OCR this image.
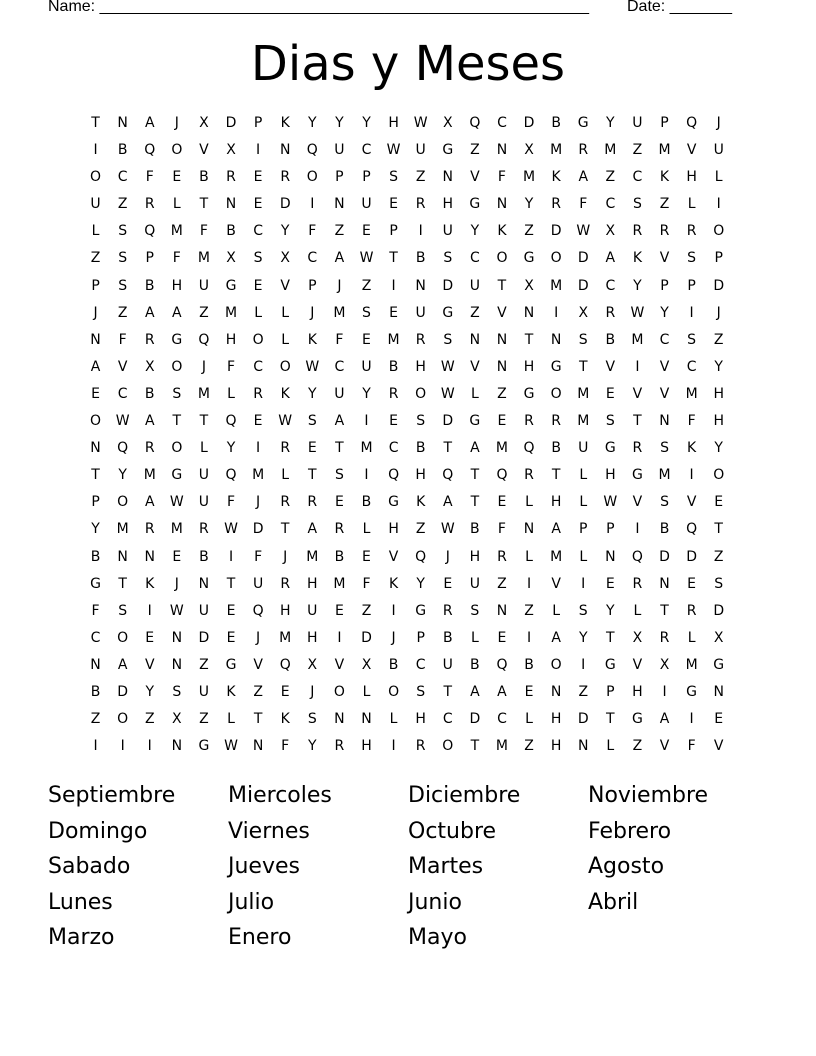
Name: _______________________________________________________ Date: _______
Dias y Meses
T	N	A	J	X	D	P	K	Y	Y	Y	H	W	X	Q	C	D	B	G	Y	U	P	Q	J
I	B	Q	O	V	X	I	N	Q	U	C	W	U	G	Z	N	X	M	R	M	Z	M	V	U
O	C	F	E	B	R	E	R	O	P	P	S	Z	N	V	F	M	K	A	Z	C	K	H	L
U	Z	R	L	T	N	E	D	I	N	U	E	R	H	G	N	Y	R	F	C	S	Z	L	I
L	S	Q	M	F	B	C	Y	F	Z	E	P	I	U	Y	K	Z	D	W	X	R	R	R	O
Z	S	P	F	M	X	S	X	C	A	W	T	B	S	C	O	G	O	D	A	K	V	S	P
P	S	B	H	U	G	E	V	P	J	Z	I	N	D	U	T	X	M	D	C	Y	P	P	D
J	Z	A	A	Z	M	L	L	J	M	S	E	U	G	Z	V	N	I	X	R	W	Y	I	J
N	F	R	G	Q	H	O	L	K	F	E	M	R	S	N	N	T	N	S	B	M	C	S	Z
A	V	X	O	J	F	C	O	W	C	U	B	H	W	V	N	H	G	T	V	I	V	C	Y
E	C	B	S	M	L	R	K	Y	U	Y	R	O	W	L	Z	G	O	M	E	V	V	M	H
O	W	A	T	T	Q	E	W	S	A	I	E	S	D	G	E	R	R	M	S	T	N	F	H
N	Q	R	O	L	Y	I	R	E	T	M	C	B	T	A	M	Q	B	U	G	R	S	K	Y
T	Y	M	G	U	Q	M	L	T	S	I	Q	H	Q	T	Q	R	T	L	H	G	M	I	O
P	O	A	W	U	F	J	R	R	E	B	G	K	A	T	E	L	H	L	W	V	S	V	E
Y	M	R	M	R	W	D	T	A	R	L	H	Z	W	B	F	N	A	P	P	I	B	Q	T
B	N	N	E	B	I	F	J	M	B	E	V	Q	J	H	R	L	M	L	N	Q	D	D	Z
G	T	K	J	N	T	U	R	H	M	F	K	Y	E	U	Z	I	V	I	E	R	N	E	S
F	S	I	W	U	E	Q	H	U	E	Z	I	G	R	S	N	Z	L	S	Y	L	T	R	D
C	O	E	N	D	E	J	M	H	I	D	J	P	B	L	E	I	A	Y	T	X	R	L	X
N	A	V	N	Z	G	V	Q	X	V	X	B	C	U	B	Q	B	O	I	G	V	X	M	G
B	D	Y	S	U	K	Z	E	J	O	L	O	S	T	A	A	E	N	Z	P	H	I	G	N
Z	O	Z	X	Z	L	T	K	S	N	N	L	H	C	D	C	L	H	D	T	G	A	I	E
I	I	I	N	G	W	N	F	Y	R	H	I	R	O	T	M	Z	H	N	L	Z	V	F	V
Septiembre	Miercoles	Diciembre	Noviembre
Domingo	Viernes	Octubre	Febrero
Sabado	Jueves	Martes	Agosto
Lunes	Julio	Junio	Abril
Marzo	Enero	Mayo
